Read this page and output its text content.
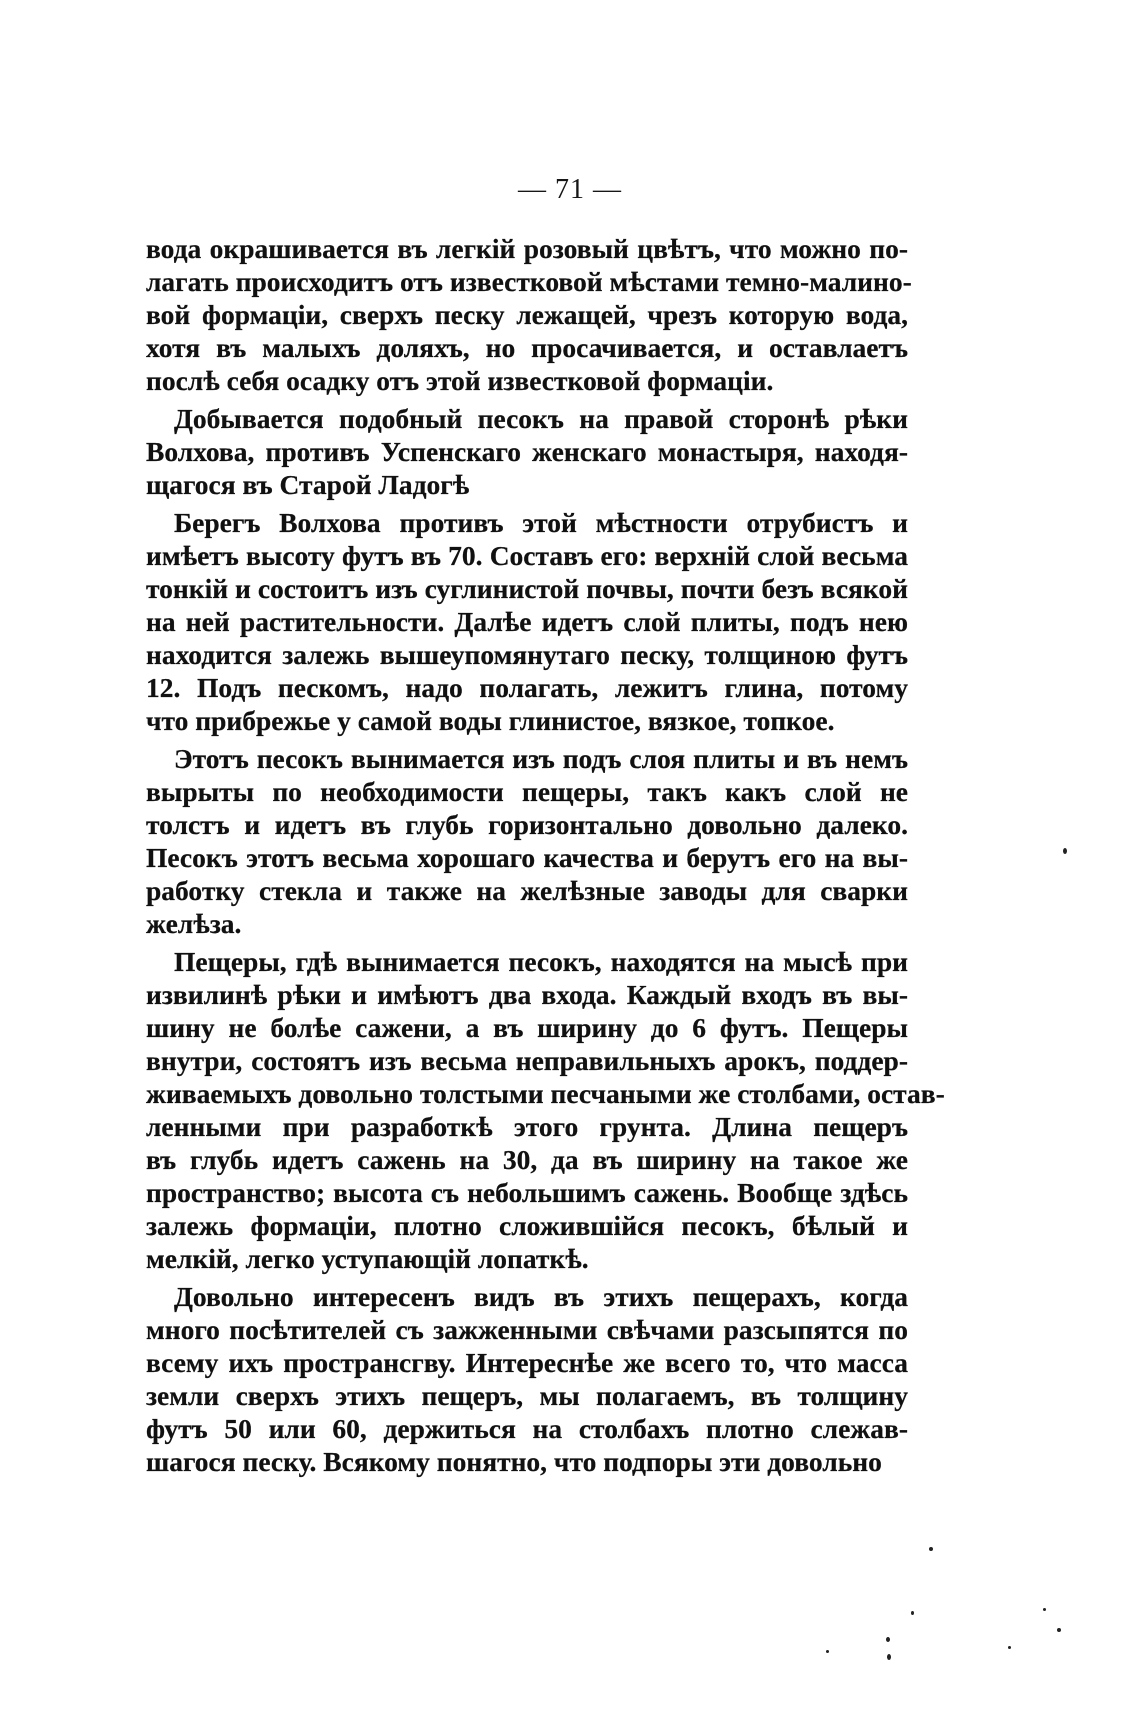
— 71 —
вода окрашивается въ легкій розовый цвѣтъ, что можно по-
лагать происходитъ отъ известковой мѣстами темно-малино-
вой формаціи, сверхъ песку лежащей, чрезъ которую вода,
хотя въ малыхъ доляхъ, но просачивается, и оставлаетъ
послѣ себя осадку отъ этой известковой формаціи.
Добывается подобный песокъ на правой сторонѣ рѣки
Волхова, противъ Успенскаго женскаго монастыря, находя-
щагося въ Старой Ладогѣ
Берегъ Волхова противъ этой мѣстности отрубистъ и
имѣетъ высоту футъ въ 70. Составъ его: верхній слой весьма
тонкій и состоитъ изъ суглинистой почвы, почти безъ всякой
на ней растительности. Далѣе идетъ слой плиты, подъ нею
находится залежь вышеупомянутаго песку, толщиною футъ
12. Подъ пескомъ, надо полагать, лежитъ глина, потому
что прибрежье у самой воды глинистое, вязкое, топкое.
Этотъ песокъ вынимается изъ подъ слоя плиты и въ немъ
вырыты по необходимости пещеры, такъ какъ слой не
толстъ и идетъ въ глубь горизонтально довольно далеко.
Песокъ этотъ весьма хорошаго качества и берутъ его на вы-
работку стекла и также на желѣзные заводы для сварки
желѣза.
Пещеры, гдѣ вынимается песокъ, находятся на мысѣ при
извилинѣ рѣки и имѣютъ два входа. Каждый входъ въ вы-
шину не болѣе сажени, а въ ширину до 6 футъ. Пещеры
внутри, состоятъ изъ весьма неправильныхъ арокъ, поддер-
живаемыхъ довольно толстыми песчаными же столбами, остав-
ленными при разработкѣ этого грунта. Длина пещеръ
въ глубь идетъ сажень на 30, да въ ширину на такое же
пространство; высота съ небольшимъ сажень. Вообще здѣсь
залежь формаціи, плотно сложившійся песокъ, бѣлый и
мелкій, легко уступающій лопаткѣ.
Довольно интересенъ видъ въ этихъ пещерахъ, когда
много посѣтителей съ зажженными свѣчами разсыпятся по
всему ихъ пространсгву. Интереснѣе же всего то, что масса
земли сверхъ этихъ пещеръ, мы полагаемъ, въ толщину
футъ 50 или 60, держиться на столбахъ плотно слежав-
шагося песку. Всякому понятно, что подпоры эти довольно
